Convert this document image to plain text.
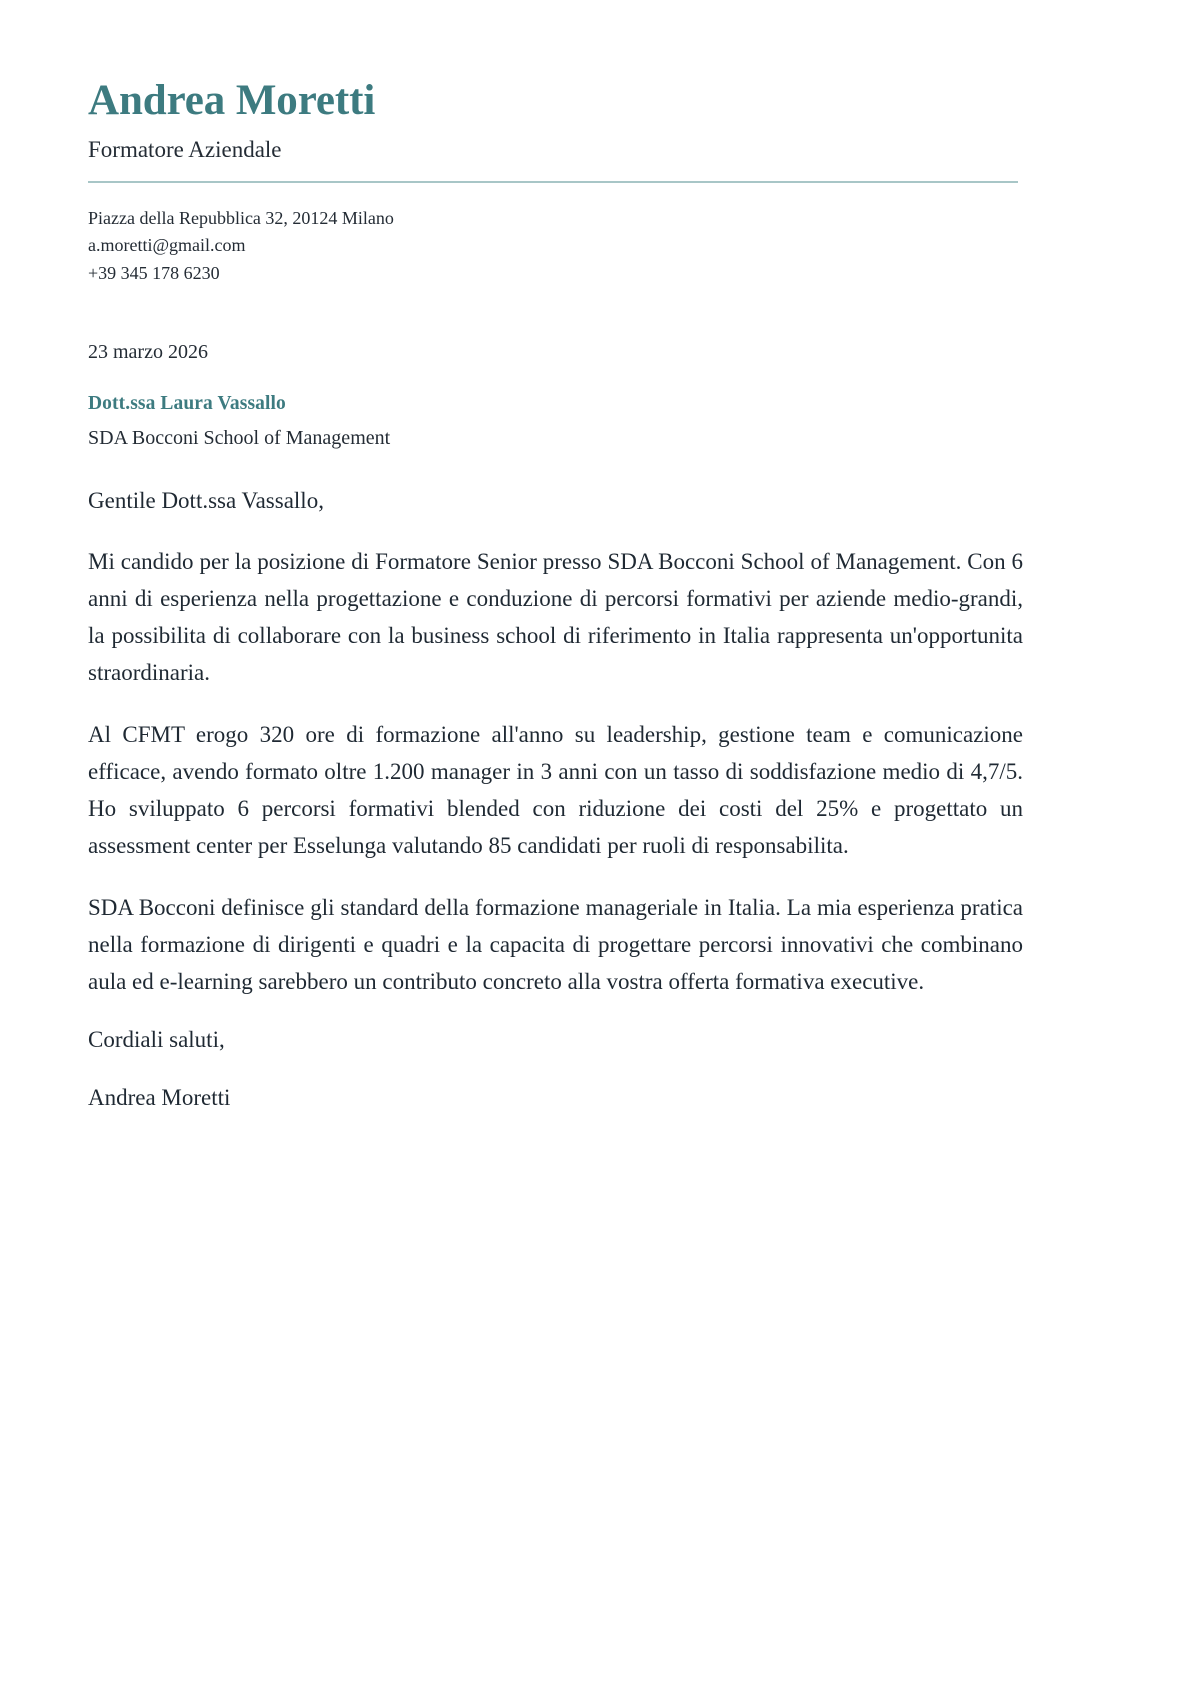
Andrea Moretti
Formatore Aziendale
Piazza della Repubblica 32, 20124 Milano
a.moretti@gmail.com
+39 345 178 6230
23 marzo 2026
Dott.ssa Laura Vassallo
SDA Bocconi School of Management
Gentile Dott.ssa Vassallo,

Mi candido per la posizione di Formatore Senior presso SDA Bocconi School of Management. Con 6 anni di esperienza nella progettazione e conduzione di percorsi formativi per aziende medio-grandi, la possibilita di collaborare con la business school di riferimento in Italia rappresenta un'opportunita straordinaria.

Al CFMT erogo 320 ore di formazione all'anno su leadership, gestione team e comunicazione efficace, avendo formato oltre 1.200 manager in 3 anni con un tasso di soddisfazione medio di 4,7/5. Ho sviluppato 6 percorsi formativi blended con riduzione dei costi del 25% e progettato un assessment center per Esselunga valutando 85 candidati per ruoli di responsabilita.

SDA Bocconi definisce gli standard della formazione manageriale in Italia. La mia esperienza pratica nella formazione di dirigenti e quadri e la capacita di progettare percorsi innovativi che combinano aula ed e-learning sarebbero un contributo concreto alla vostra offerta formativa executive.

Cordiali saluti,
Andrea Moretti
